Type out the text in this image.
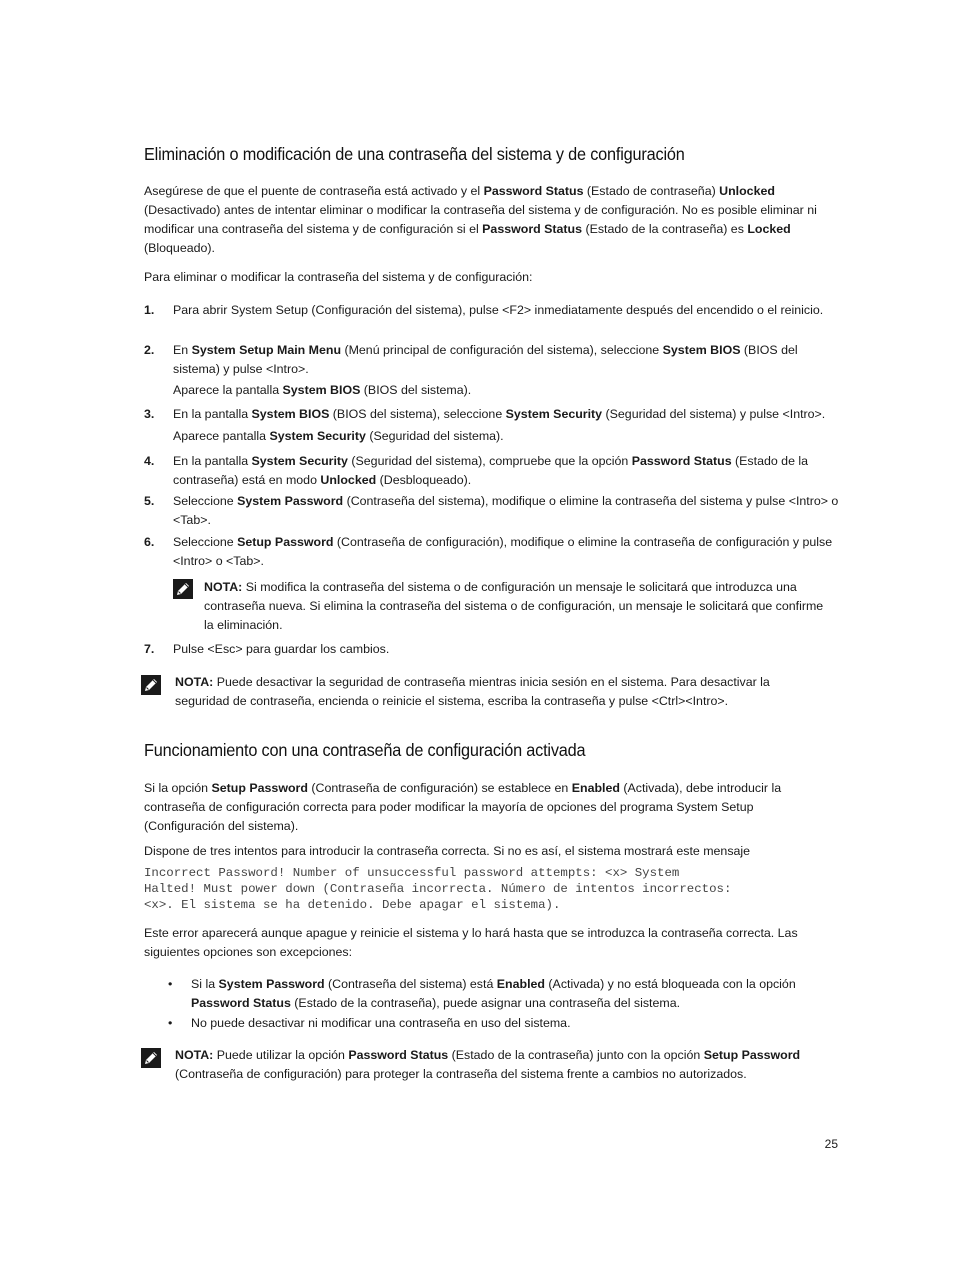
Eliminación o modificación de una contraseña del sistema y de configuración
Asegúrese de que el puente de contraseña está activado y el Password Status (Estado de contraseña) Unlocked (Desactivado) antes de intentar eliminar o modificar la contraseña del sistema y de configuración. No es posible eliminar ni modificar una contraseña del sistema y de configuración si el Password Status (Estado de la contraseña) es Locked (Bloqueado).
Para eliminar o modificar la contraseña del sistema y de configuración:
1. Para abrir System Setup (Configuración del sistema), pulse <F2> inmediatamente después del encendido o el reinicio.
2. En System Setup Main Menu (Menú principal de configuración del sistema), seleccione System BIOS (BIOS del sistema) y pulse <Intro>.
Aparece la pantalla System BIOS (BIOS del sistema).
3. En la pantalla System BIOS (BIOS del sistema), seleccione System Security (Seguridad del sistema) y pulse <Intro>.
Aparece pantalla System Security (Seguridad del sistema).
4. En la pantalla System Security (Seguridad del sistema), compruebe que la opción Password Status (Estado de la contraseña) está en modo Unlocked (Desbloqueado).
5. Seleccione System Password (Contraseña del sistema), modifique o elimine la contraseña del sistema y pulse <Intro> o <Tab>.
6. Seleccione Setup Password (Contraseña de configuración), modifique o elimine la contraseña de configuración y pulse <Intro> o <Tab>.
NOTA: Si modifica la contraseña del sistema o de configuración un mensaje le solicitará que introduzca una contraseña nueva. Si elimina la contraseña del sistema o de configuración, un mensaje le solicitará que confirme la eliminación.
7. Pulse <Esc> para guardar los cambios.
NOTA: Puede desactivar la seguridad de contraseña mientras inicia sesión en el sistema. Para desactivar la seguridad de contraseña, encienda o reinicie el sistema, escriba la contraseña y pulse <Ctrl><Intro>.
Funcionamiento con una contraseña de configuración activada
Si la opción Setup Password (Contraseña de configuración) se establece en Enabled (Activada), debe introducir la contraseña de configuración correcta para poder modificar la mayoría de opciones del programa System Setup (Configuración del sistema).
Dispone de tres intentos para introducir la contraseña correcta. Si no es así, el sistema mostrará este mensaje
Incorrect Password! Number of unsuccessful password attempts: <x> System
Halted! Must power down (Contraseña incorrecta. Número de intentos incorrectos:
<x>. El sistema se ha detenido. Debe apagar el sistema).
Este error aparecerá aunque apague y reinicie el sistema y lo hará hasta que se introduzca la contraseña correcta. Las siguientes opciones son excepciones:
• Si la System Password (Contraseña del sistema) está Enabled (Activada) y no está bloqueada con la opción Password Status (Estado de la contraseña), puede asignar una contraseña del sistema.
• No puede desactivar ni modificar una contraseña en uso del sistema.
NOTA: Puede utilizar la opción Password Status (Estado de la contraseña) junto con la opción Setup Password (Contraseña de configuración) para proteger la contraseña del sistema frente a cambios no autorizados.
25
